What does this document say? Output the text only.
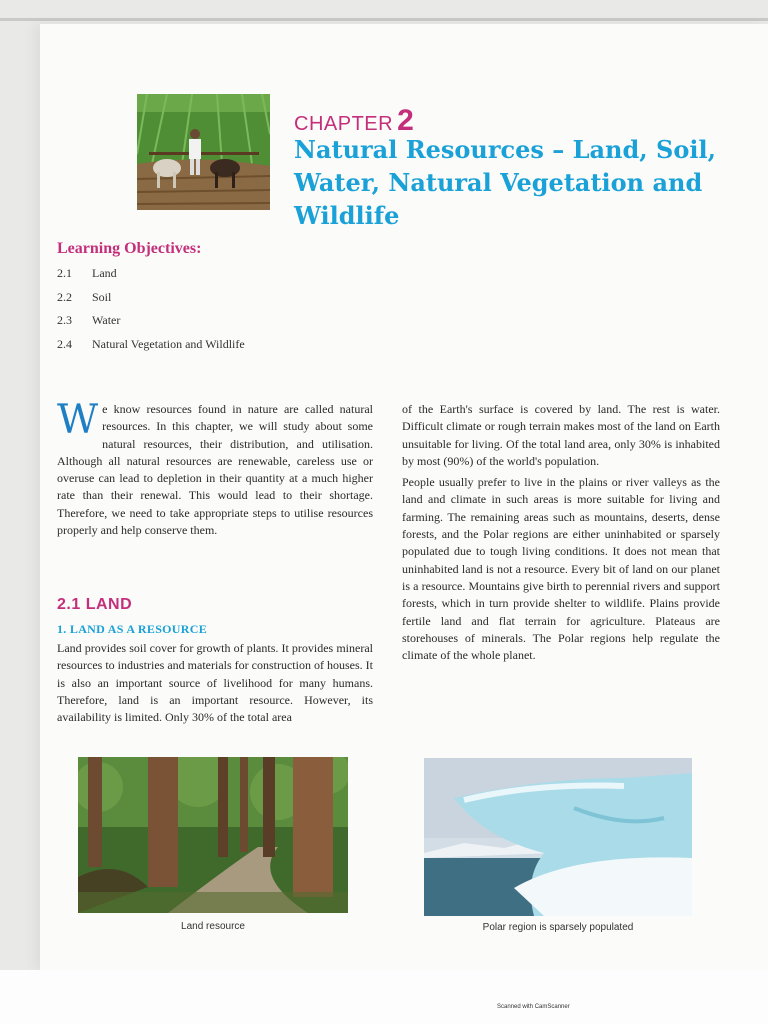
CHAPTER 2
Natural Resources – Land, Soil, Water, Natural Vegetation and Wildlife
Learning Objectives:
2.1	Land
2.2	Soil
2.3	Water
2.4	Natural Vegetation and Wildlife
We know resources found in nature are called natural resources. In this chapter, we will study about some natural resources, their distribution, and utilisation. Although all natural resources are renewable, careless use or overuse can lead to depletion in their quantity at a much higher rate than their renewal. This would lead to their shortage. Therefore, we need to take appropriate steps to utilise resources properly and help conserve them.
2.1 LAND
1. LAND AS A RESOURCE

Land provides soil cover for growth of plants. It provides mineral resources to industries and materials for construction of houses. It is also an important source of livelihood for many humans. Therefore, land is an important resource. However, its availability is limited. Only 30% of the total area

of the Earth's surface is covered by land. The rest is water. Difficult climate or rough terrain makes most of the land on Earth unsuitable for living. Of the total land area, only 30% is inhabited by most (90%) of the world's population.

People usually prefer to live in the plains or river valleys as the land and climate in such areas is more suitable for living and farming. The remaining areas such as mountains, deserts, dense forests, and the Polar regions are either uninhabited or sparsely populated due to tough living conditions. It does not mean that uninhabited land is not a resource. Every bit of land on our planet is a resource. Mountains give birth to perennial rivers and support forests, which in turn provide shelter to wildlife. Plains provide fertile land and flat terrain for agriculture. Plateaus are storehouses of minerals. The Polar regions help regulate the climate of the whole planet.

Land resource	Polar region is sparsely populated
Scanned with CamScanner
